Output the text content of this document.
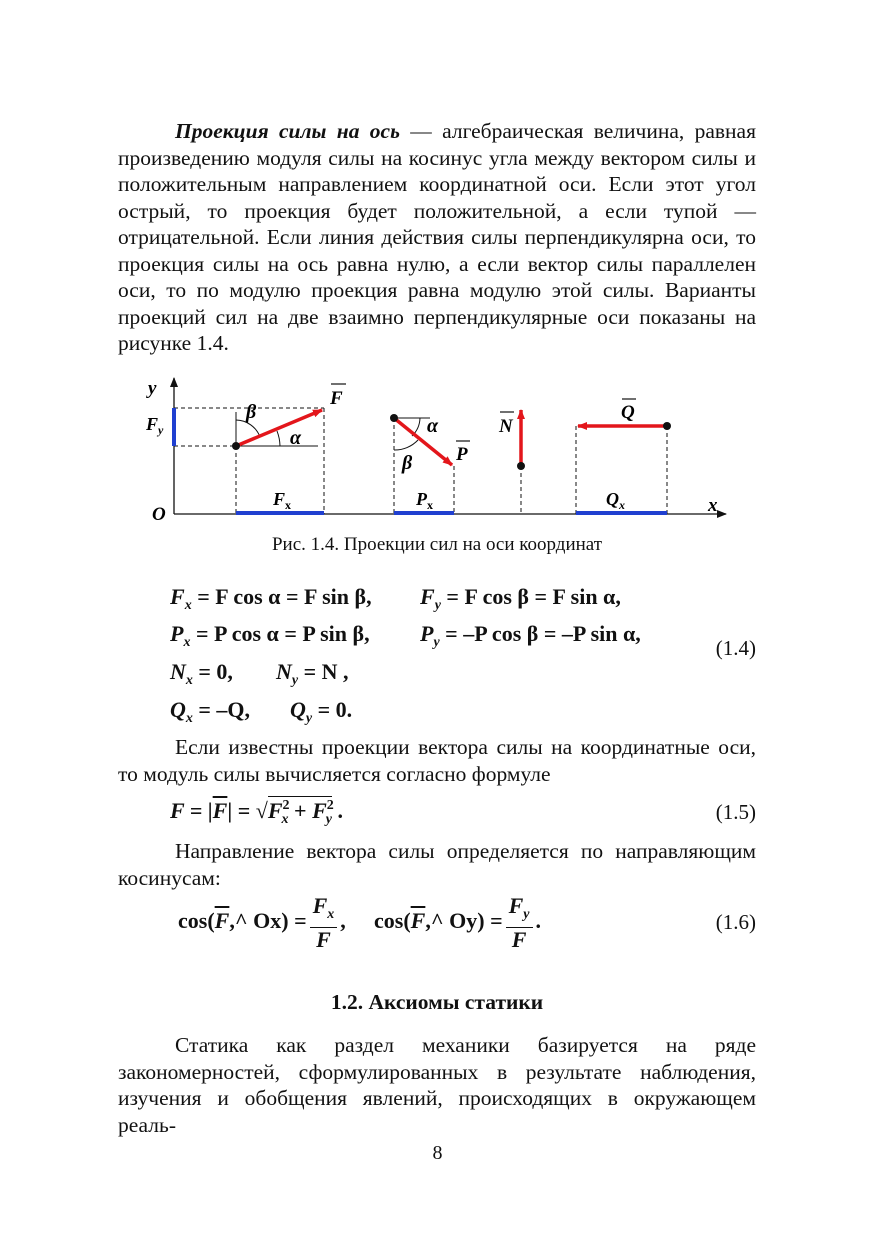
Проекция силы на ось — алгебраическая величина, равная произведению модуля силы на косинус угла между вектором силы и положительным направлением координатной оси. Если этот угол острый, то проекция будет положительной, а если тупой — отрицательной. Если линия действия силы перпендикулярна оси, то проекция силы на ось равна нулю, а если вектор силы параллелен оси, то по модулю проекция равна модулю этой силы. Варианты проекций сил на две взаимно перпендикулярные оси показаны на рисунке 1.4.

y
x
O
F
β
α
$F_y$
$F_x$
α
β P
$P_x$
N
Q
$Q_x$
Рис. 1.4. Проекции сил на оси координат
$F_x = F$ cos α = F sin β, $F_y = F$ cos β = F sin α,
$P_x = P$ cos α = P sin β, $P_y = -P$ cos β = –P sin α,
$N_x = 0$, $N_y = N$ ,
$Q_x = -Q$, $Q_y = 0$.
(1.4)

Если известны проекции вектора силы на координатные оси, то модуль силы вычисляется согласно формуле

$F = |\overline{F}| = √F^2_x + F^2_y$ .	(1.5)

Направление вектора силы определяется по направляющим косинусам:

$\cos(\overline{F},\^{}$ $Ox) = \frac{F_x}{F}$ , $\cos(\overline{F},\^{}$ $Oy) = \frac{F_y}{F}$ .	(1.6)
1.2. Аксиомы статики

Статика как раздел механики базируется на ряде закономерностей, сформулированных в результате наблюдения, изучения и обобщения явлений, происходящих в окружающем реаль-

8
